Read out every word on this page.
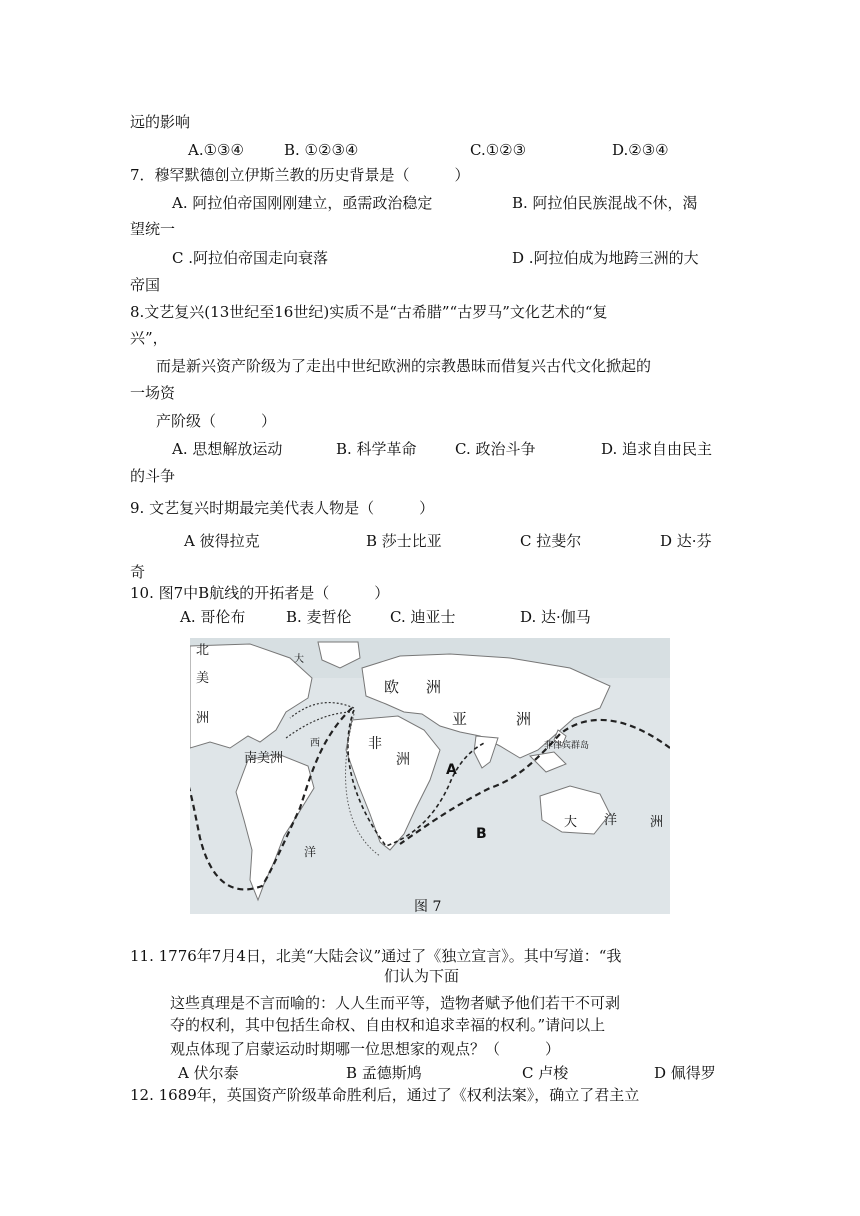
远的影响
A.①③④	B. ①②③④	C.①②③	D.②③④
7．穆罕默德创立伊斯兰教的历史背景是（　　　）
A. 阿拉伯帝国刚刚建立，亟需政治稳定	B. 阿拉伯民族混战不休，渴
望统一
C .阿拉伯帝国走向衰落	D .阿拉伯成为地跨三洲的大
帝国
8.文艺复兴(13世纪至16世纪)实质不是“古希腊”“古罗马”文化艺术的“复
兴”，
而是新兴资产阶级为了走出中世纪欧洲的宗教愚昧而借复兴古代文化掀起的
一场资
产阶级（　　　）
A. 思想解放运动	B. 科学革命	C. 政治斗争	D. 追求自由民主
的斗争
9. 文艺复兴时期最完美代表人物是（　　　）
A 彼得拉克	B 莎士比亚	C 拉斐尔	D 达·芬
奇
10. 图7中B航线的开拓者是（　　　）
A. 哥伦布	B. 麦哲伦	C. 迪亚士	D. 达·伽马
北
美
洲
欧 洲
亚	洲
非
洲
南美洲
大 洋	洲
A
B
洋
菲律宾群岛
大
西
图 7
11. 1776年7月4日，北美“大陆会议”通过了《独立宣言》。其中写道：“我
们认为下面
这些真理是不言而喻的：人人生而平等，造物者赋予他们若干不可剥
夺的权利，其中包括生命权、自由权和追求幸福的权利。”请问以上
观点体现了启蒙运动时期哪一位思想家的观点？（　　　）
A 伏尔泰	B 孟德斯鸠	C 卢梭	D 佩得罗
12. 1689年，英国资产阶级革命胜利后，通过了《权利法案》，确立了君主立
